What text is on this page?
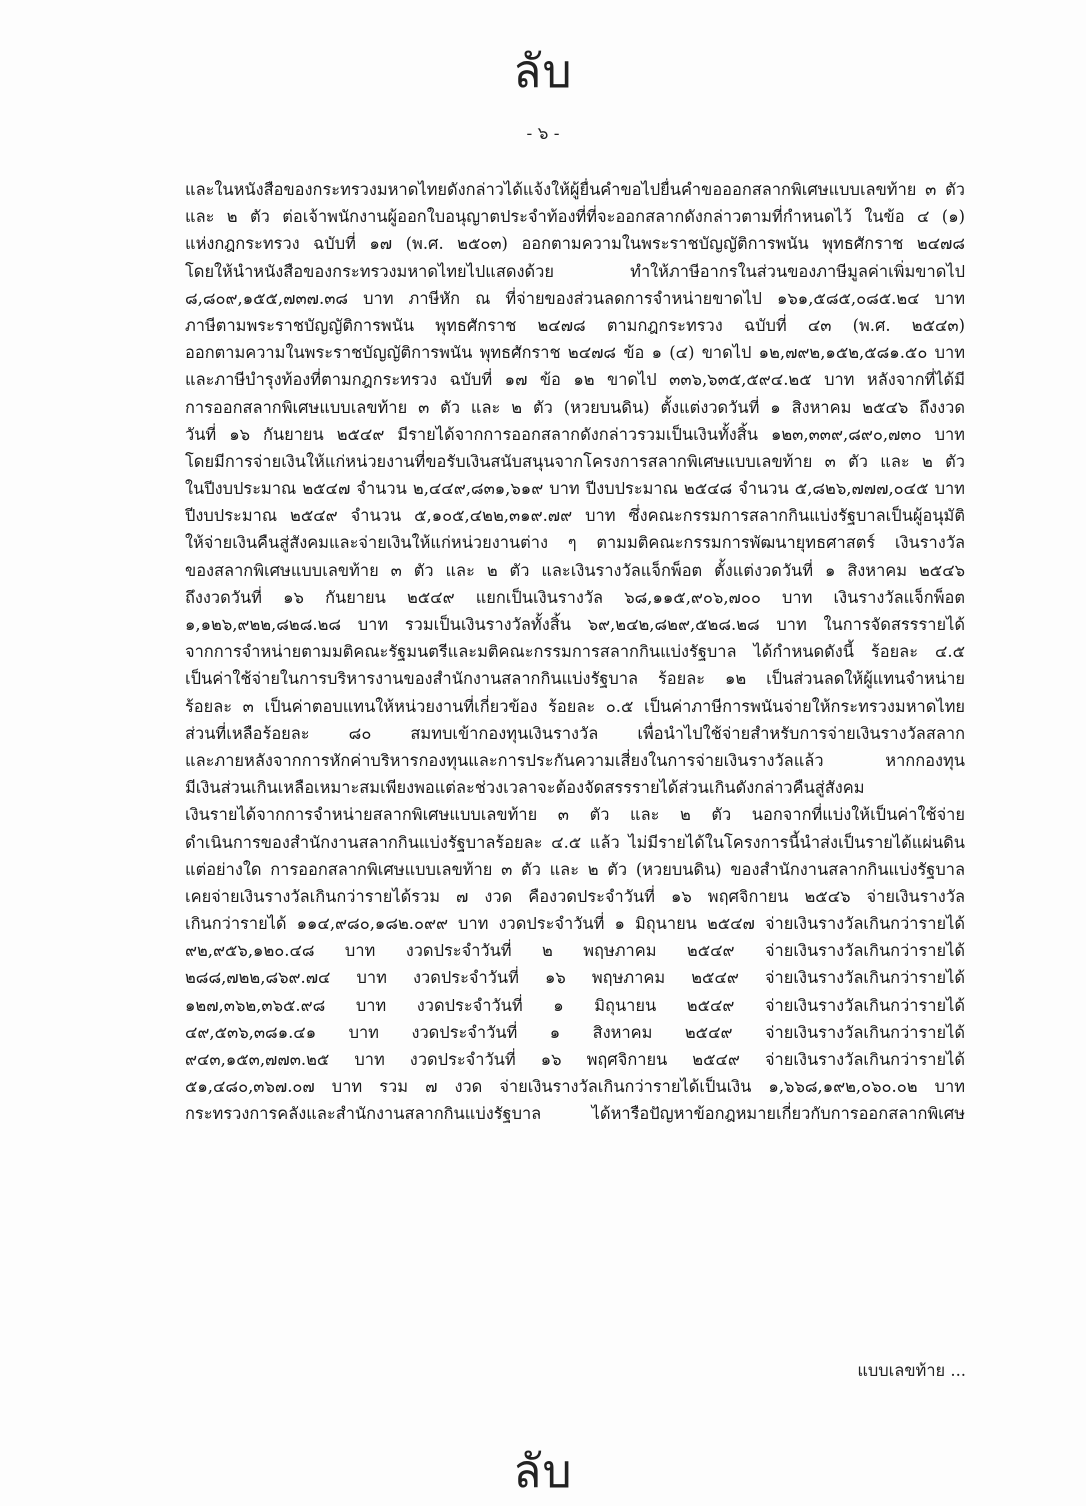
ลับ
- ๖ -
และในหนังสือของกระทรวงมหาดไทยดังกล่าวได้แจ้งให้ผู้ยื่นคำขอไปยื่นคำขอออกสลากพิเศษแบบเลขท้าย ๓ ตัว
และ ๒ ตัว ต่อเจ้าพนักงานผู้ออกใบอนุญาตประจำท้องที่ที่จะออกสลากดังกล่าวตามที่กำหนดไว้ ในข้อ ๔ (๑)
แห่งกฎกระทรวง ฉบับที่ ๑๗ (พ.ศ. ๒๕๐๓) ออกตามความในพระราชบัญญัติการพนัน พุทธศักราช ๒๔๗๘
โดยให้นำหนังสือของกระทรวงมหาดไทยไปแสดงด้วย ทำให้ภาษีอากรในส่วนของภาษีมูลค่าเพิ่มขาดไป
๘,๘๐๙,๑๕๕,๗๓๗.๓๘ บาท ภาษีหัก ณ ที่จ่ายของส่วนลดการจำหน่ายขาดไป ๑๖๑,๕๘๕,๐๘๕.๒๔ บาท
ภาษีตามพระราชบัญญัติการพนัน พุทธศักราช ๒๔๗๘ ตามกฎกระทรวง ฉบับที่ ๔๓ (พ.ศ. ๒๕๔๓)
ออกตามความในพระราชบัญญัติการพนัน พุทธศักราช ๒๔๗๘ ข้อ ๑ (๔) ขาดไป ๑๒,๗๙๒,๑๕๒,๕๘๑.๕๐ บาท
และภาษีบำรุงท้องที่ตามกฎกระทรวง ฉบับที่ ๑๗ ข้อ ๑๒ ขาดไป ๓๓๖,๖๓๕,๕๙๔.๒๕ บาท หลังจากที่ได้มี
การออกสลากพิเศษแบบเลขท้าย ๓ ตัว และ ๒ ตัว (หวยบนดิน) ตั้งแต่งวดวันที่ ๑ สิงหาคม ๒๕๔๖ ถึงงวด
วันที่ ๑๖ กันยายน ๒๕๔๙ มีรายได้จากการออกสลากดังกล่าวรวมเป็นเงินทั้งสิ้น ๑๒๓,๓๓๙,๘๙๐,๗๓๐ บาท
โดยมีการจ่ายเงินให้แก่หน่วยงานที่ขอรับเงินสนับสนุนจากโครงการสลากพิเศษแบบเลขท้าย ๓ ตัว และ ๒ ตัว
ในปีงบประมาณ ๒๕๔๗ จำนวน ๒,๔๔๙,๘๓๑,๖๑๙ บาท ปีงบประมาณ ๒๕๔๘ จำนวน ๕,๘๒๖,๗๗๗,๐๔๕ บาท
ปีงบประมาณ ๒๕๔๙ จำนวน ๕,๑๐๕,๔๒๒,๓๑๙.๗๙ บาท ซึ่งคณะกรรมการสลากกินแบ่งรัฐบาลเป็นผู้อนุมัติ
ให้จ่ายเงินคืนสู่สังคมและจ่ายเงินให้แก่หน่วยงานต่าง ๆ ตามมติคณะกรรมการพัฒนายุทธศาสตร์ เงินรางวัล
ของสลากพิเศษแบบเลขท้าย ๓ ตัว และ ๒ ตัว และเงินรางวัลแจ็กพ็อต ตั้งแต่งวดวันที่ ๑ สิงหาคม ๒๕๔๖
ถึงงวดวันที่ ๑๖ กันยายน ๒๕๔๙ แยกเป็นเงินรางวัล ๖๘,๑๑๕,๙๐๖,๗๐๐ บาท เงินรางวัลแจ็กพ็อต
๑,๑๒๖,๙๒๒,๘๒๘.๒๘ บาท รวมเป็นเงินรางวัลทั้งสิ้น ๖๙,๒๔๒,๘๒๙,๕๒๘.๒๘ บาท ในการจัดสรรรายได้
จากการจำหน่ายตามมติคณะรัฐมนตรีและมติคณะกรรมการสลากกินแบ่งรัฐบาล ได้กำหนดดังนี้ ร้อยละ ๔.๕
เป็นค่าใช้จ่ายในการบริหารงานของสำนักงานสลากกินแบ่งรัฐบาล ร้อยละ ๑๒ เป็นส่วนลดให้ผู้แทนจำหน่าย
ร้อยละ ๓ เป็นค่าตอบแทนให้หน่วยงานที่เกี่ยวข้อง ร้อยละ ๐.๕ เป็นค่าภาษีการพนันจ่ายให้กระทรวงมหาดไทย
ส่วนที่เหลือร้อยละ ๘๐ สมทบเข้ากองทุนเงินรางวัล เพื่อนำไปใช้จ่ายสำหรับการจ่ายเงินรางวัลสลาก
และภายหลังจากการหักค่าบริหารกองทุนและการประกันความเสี่ยงในการจ่ายเงินรางวัลแล้ว หากกองทุน
มีเงินส่วนเกินเหลือเหมาะสมเพียงพอแต่ละช่วงเวลาจะต้องจัดสรรรายได้ส่วนเกินดังกล่าวคืนสู่สังคม
เงินรายได้จากการจำหน่ายสลากพิเศษแบบเลขท้าย ๓ ตัว และ ๒ ตัว นอกจากที่แบ่งให้เป็นค่าใช้จ่าย
ดำเนินการของสำนักงานสลากกินแบ่งรัฐบาลร้อยละ ๔.๕ แล้ว ไม่มีรายได้ในโครงการนี้นำส่งเป็นรายได้แผ่นดิน
แต่อย่างใด การออกสลากพิเศษแบบเลขท้าย ๓ ตัว และ ๒ ตัว (หวยบนดิน) ของสำนักงานสลากกินแบ่งรัฐบาล
เคยจ่ายเงินรางวัลเกินกว่ารายได้รวม ๗ งวด คืองวดประจำวันที่ ๑๖ พฤศจิกายน ๒๕๔๖ จ่ายเงินรางวัล
เกินกว่ารายได้ ๑๑๔,๙๘๐,๑๘๒.๐๙๙ บาท งวดประจำวันที่ ๑ มิถุนายน ๒๕๔๗ จ่ายเงินรางวัลเกินกว่ารายได้
๙๒,๙๕๖,๑๒๐.๔๘ บาท งวดประจำวันที่ ๒ พฤษภาคม ๒๕๔๙ จ่ายเงินรางวัลเกินกว่ารายได้
๒๘๘,๗๒๒,๘๖๙.๗๔ บาท งวดประจำวันที่ ๑๖ พฤษภาคม ๒๕๔๙ จ่ายเงินรางวัลเกินกว่ารายได้
๑๒๗,๓๖๒,๓๖๕.๙๘ บาท งวดประจำวันที่ ๑ มิถุนายน ๒๕๔๙ จ่ายเงินรางวัลเกินกว่ารายได้
๔๙,๕๓๖,๓๘๑.๔๑ บาท งวดประจำวันที่ ๑ สิงหาคม ๒๕๔๙ จ่ายเงินรางวัลเกินกว่ารายได้
๙๔๓,๑๕๓,๗๗๓.๒๕ บาท งวดประจำวันที่ ๑๖ พฤศจิกายน ๒๕๔๙ จ่ายเงินรางวัลเกินกว่ารายได้
๕๑,๔๘๐,๓๖๗.๐๗ บาท รวม ๗ งวด จ่ายเงินรางวัลเกินกว่ารายได้เป็นเงิน ๑,๖๖๘,๑๙๒,๐๖๐.๐๒ บาท
กระทรวงการคลังและสำนักงานสลากกินแบ่งรัฐบาล ได้หารือปัญหาข้อกฎหมายเกี่ยวกับการออกสลากพิเศษ
แบบเลขท้าย ...
ลับ
